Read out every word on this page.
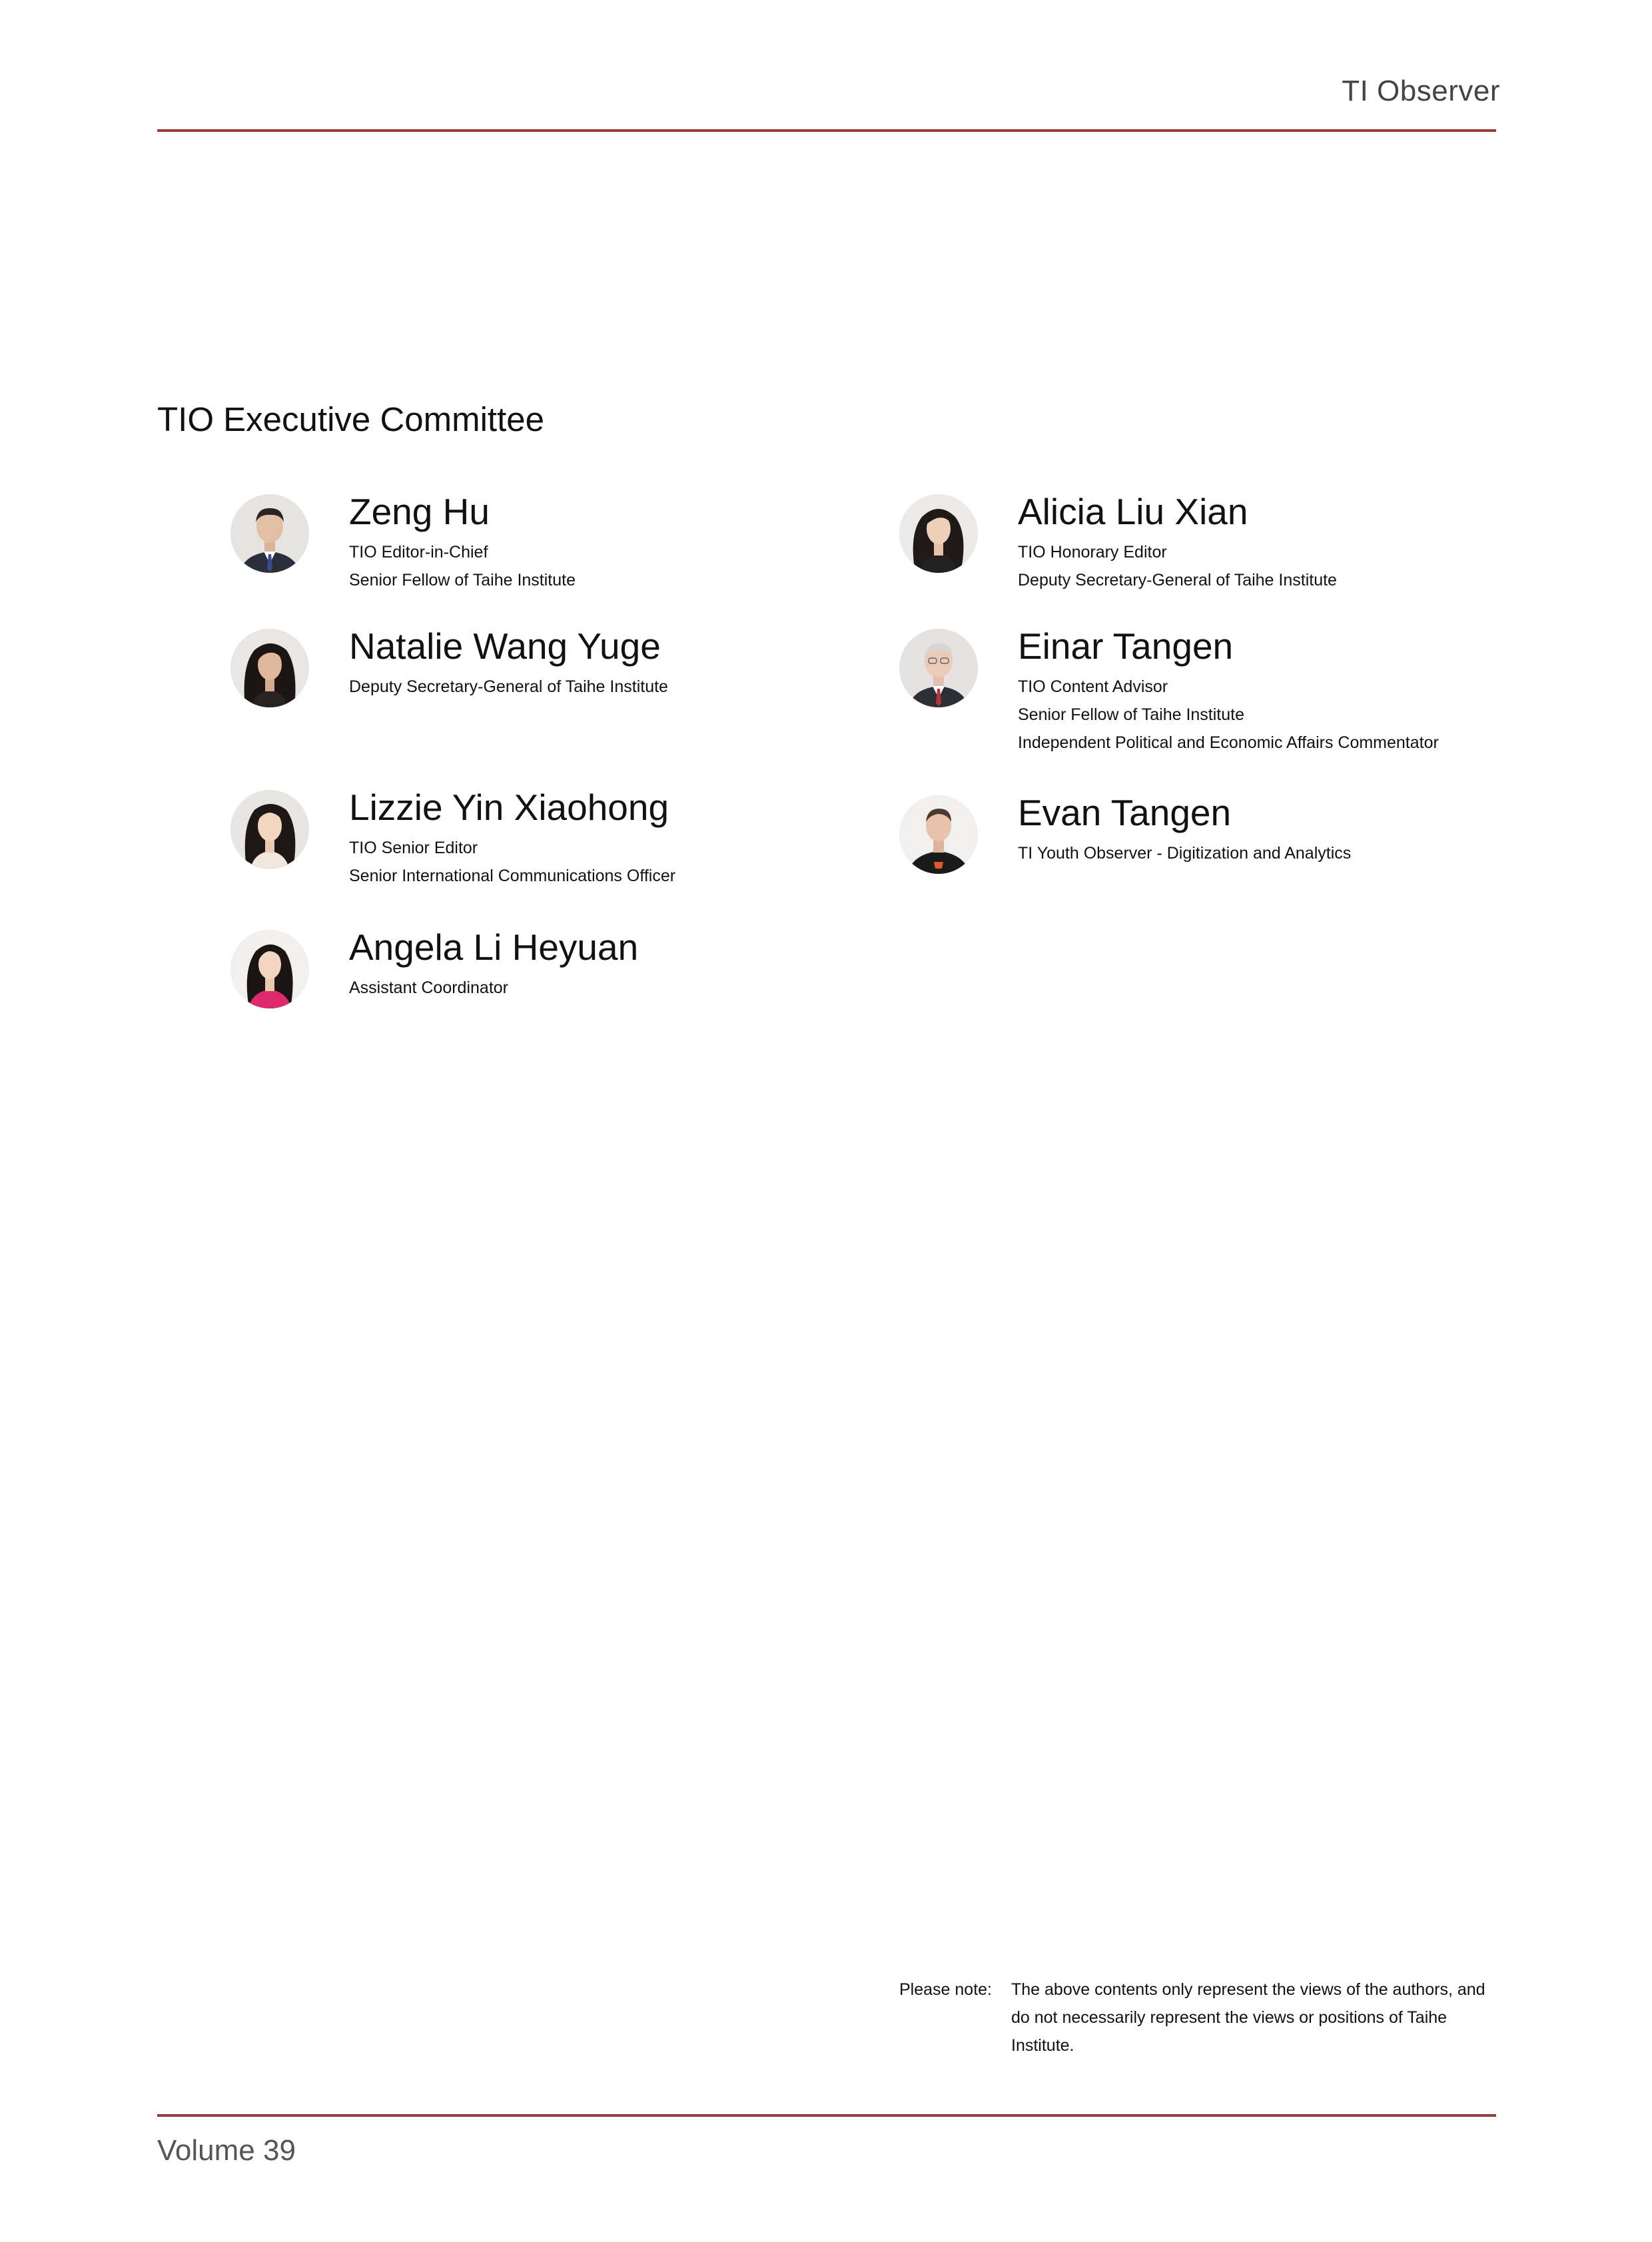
TI Observer
TIO Executive Committee
Zeng Hu
TIO Editor-in-Chief
Senior Fellow of Taihe Institute
Alicia Liu Xian
TIO Honorary Editor
Deputy Secretary-General of Taihe Institute
Natalie Wang Yuge
Deputy Secretary-General of Taihe Institute
Einar Tangen
TIO Content Advisor
Senior Fellow of Taihe Institute
Independent Political and Economic Affairs Commentator
Lizzie Yin Xiaohong
TIO Senior Editor
Senior International Communications Officer
Evan Tangen
TI Youth Observer - Digitization and Analytics
Angela Li Heyuan
Assistant Coordinator
Please note: The above contents only represent the views of the authors, and do not necessarily represent the views or positions of Taihe Institute.
Volume 39
